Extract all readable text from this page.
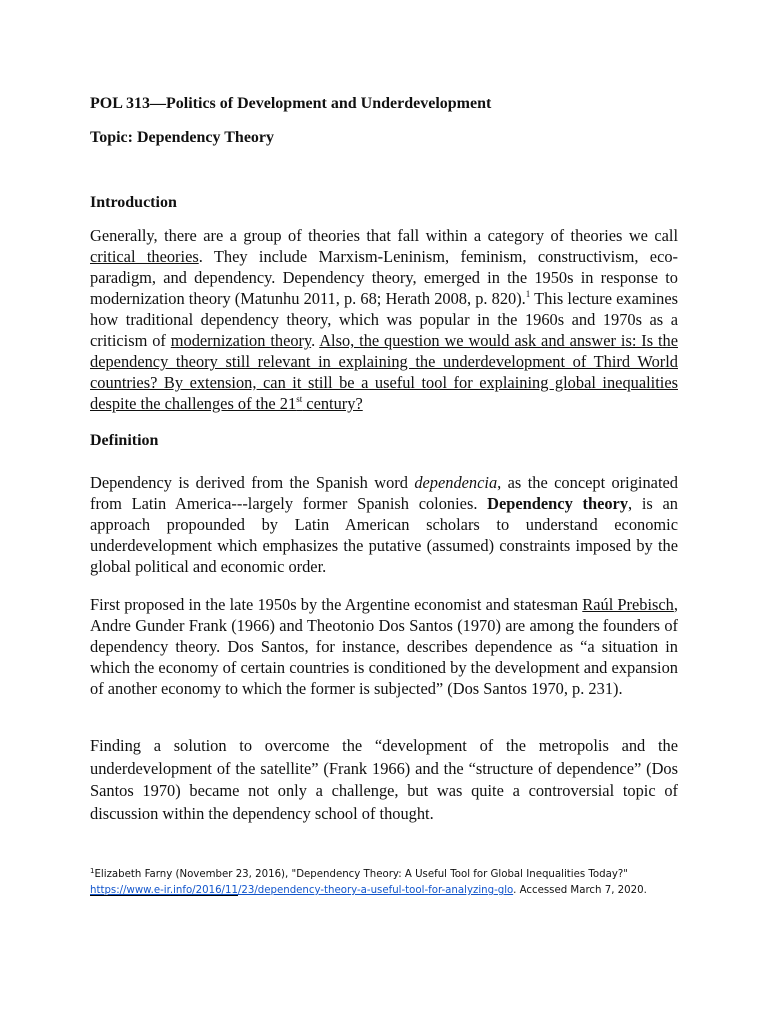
POL 313—Politics of Development and Underdevelopment

Topic: Dependency Theory

Introduction

Generally, there are a group of theories that fall within a category of theories we call critical theories. They include Marxism-Leninism, feminism, constructivism, eco-paradigm, and dependency. Dependency theory, emerged in the 1950s in response to modernization theory (Matunhu 2011, p. 68; Herath 2008, p. 820).$^1$ This lecture examines how traditional dependency theory, which was popular in the 1960s and 1970s as a criticism of modernization theory. Also, the question we would ask and answer is: Is the dependency theory still relevant in explaining the underdevelopment of Third World countries? By extension, can it still be a useful tool for explaining global inequalities despite the challenges of the 21st century?

Definition

Dependency is derived from the Spanish word dependencia, as the concept originated from Latin America---largely former Spanish colonies. Dependency theory, is an approach propounded by Latin American scholars to understand economic underdevelopment which emphasizes the putative (assumed) constraints imposed by the global political and economic order.

First proposed in the late 1950s by the Argentine economist and statesman Raúl Prebisch, Andre Gunder Frank (1966) and Theotonio Dos Santos (1970) are among the founders of dependency theory. Dos Santos, for instance, describes dependence as “a situation in which the economy of certain countries is conditioned by the development and expansion of another economy to which the former is subjected” (Dos Santos 1970, p. 231).

Finding a solution to overcome the “development of the metropolis and the underdevelopment of the satellite” (Frank 1966) and the “structure of dependence” (Dos Santos 1970) became not only a challenge, but was quite a controversial topic of discussion within the dependency school of thought.

$^1$Elizabeth Farny (November 23, 2016), "Dependency Theory: A Useful Tool for Global Inequalities Today?"
https://www.e-ir.info/2016/11/23/dependency-theory-a-useful-tool-for-analyzing-glo. Accessed March 7, 2020.
